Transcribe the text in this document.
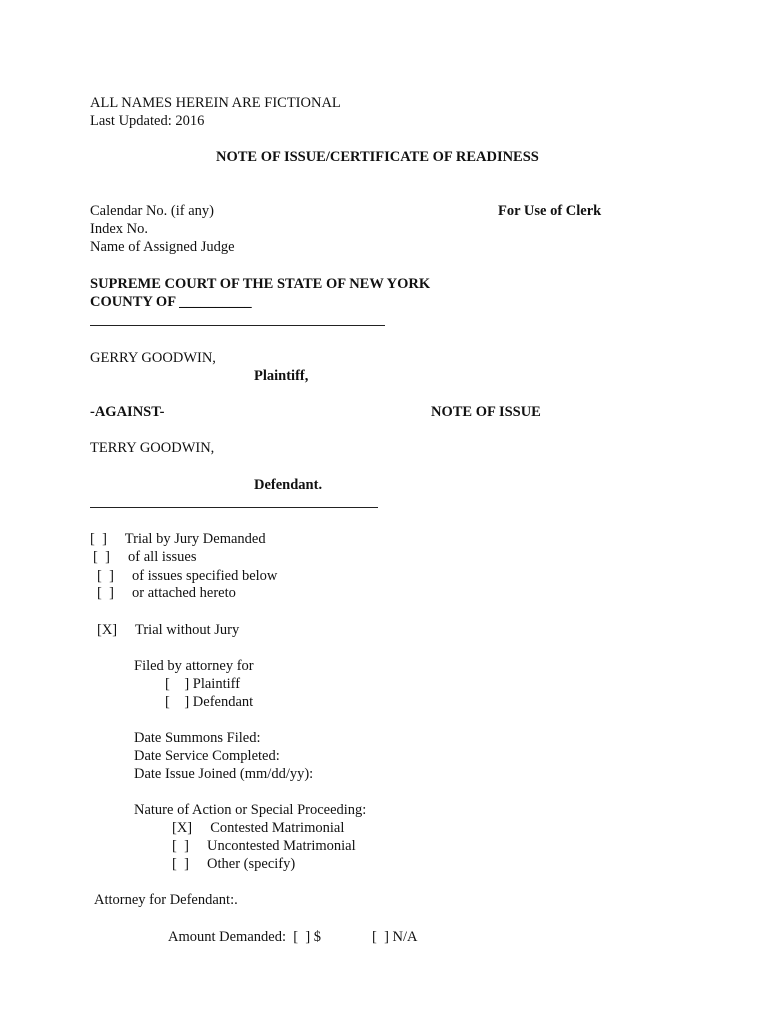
ALL NAMES HEREIN ARE FICTIONAL
Last Updated: 2016
NOTE OF ISSUE/CERTIFICATE OF READINESS
Calendar No. (if any)	For Use of Clerk
Index No.
Name of Assigned Judge
SUPREME COURT OF THE STATE OF NEW YORK
COUNTY OF __________
GERRY GOODWIN,
Plaintiff,
-AGAINST-	NOTE OF ISSUE
TERRY GOODWIN,
Defendant.
[  ]     Trial by Jury Demanded
[  ]     of all issues
[  ]     of issues specified below
[  ]     or attached hereto
[X]     Trial without Jury
Filed by attorney for
[    ] Plaintiff
[    ] Defendant
Date Summons Filed:
Date Service Completed:
Date Issue Joined (mm/dd/yy):
Nature of Action or Special Proceeding:
[X]     Contested Matrimonial
[  ]     Uncontested Matrimonial
[  ]     Other (specify)
Attorney for Defendant:.
Amount Demanded:  [  ] $	[  ] N/A
